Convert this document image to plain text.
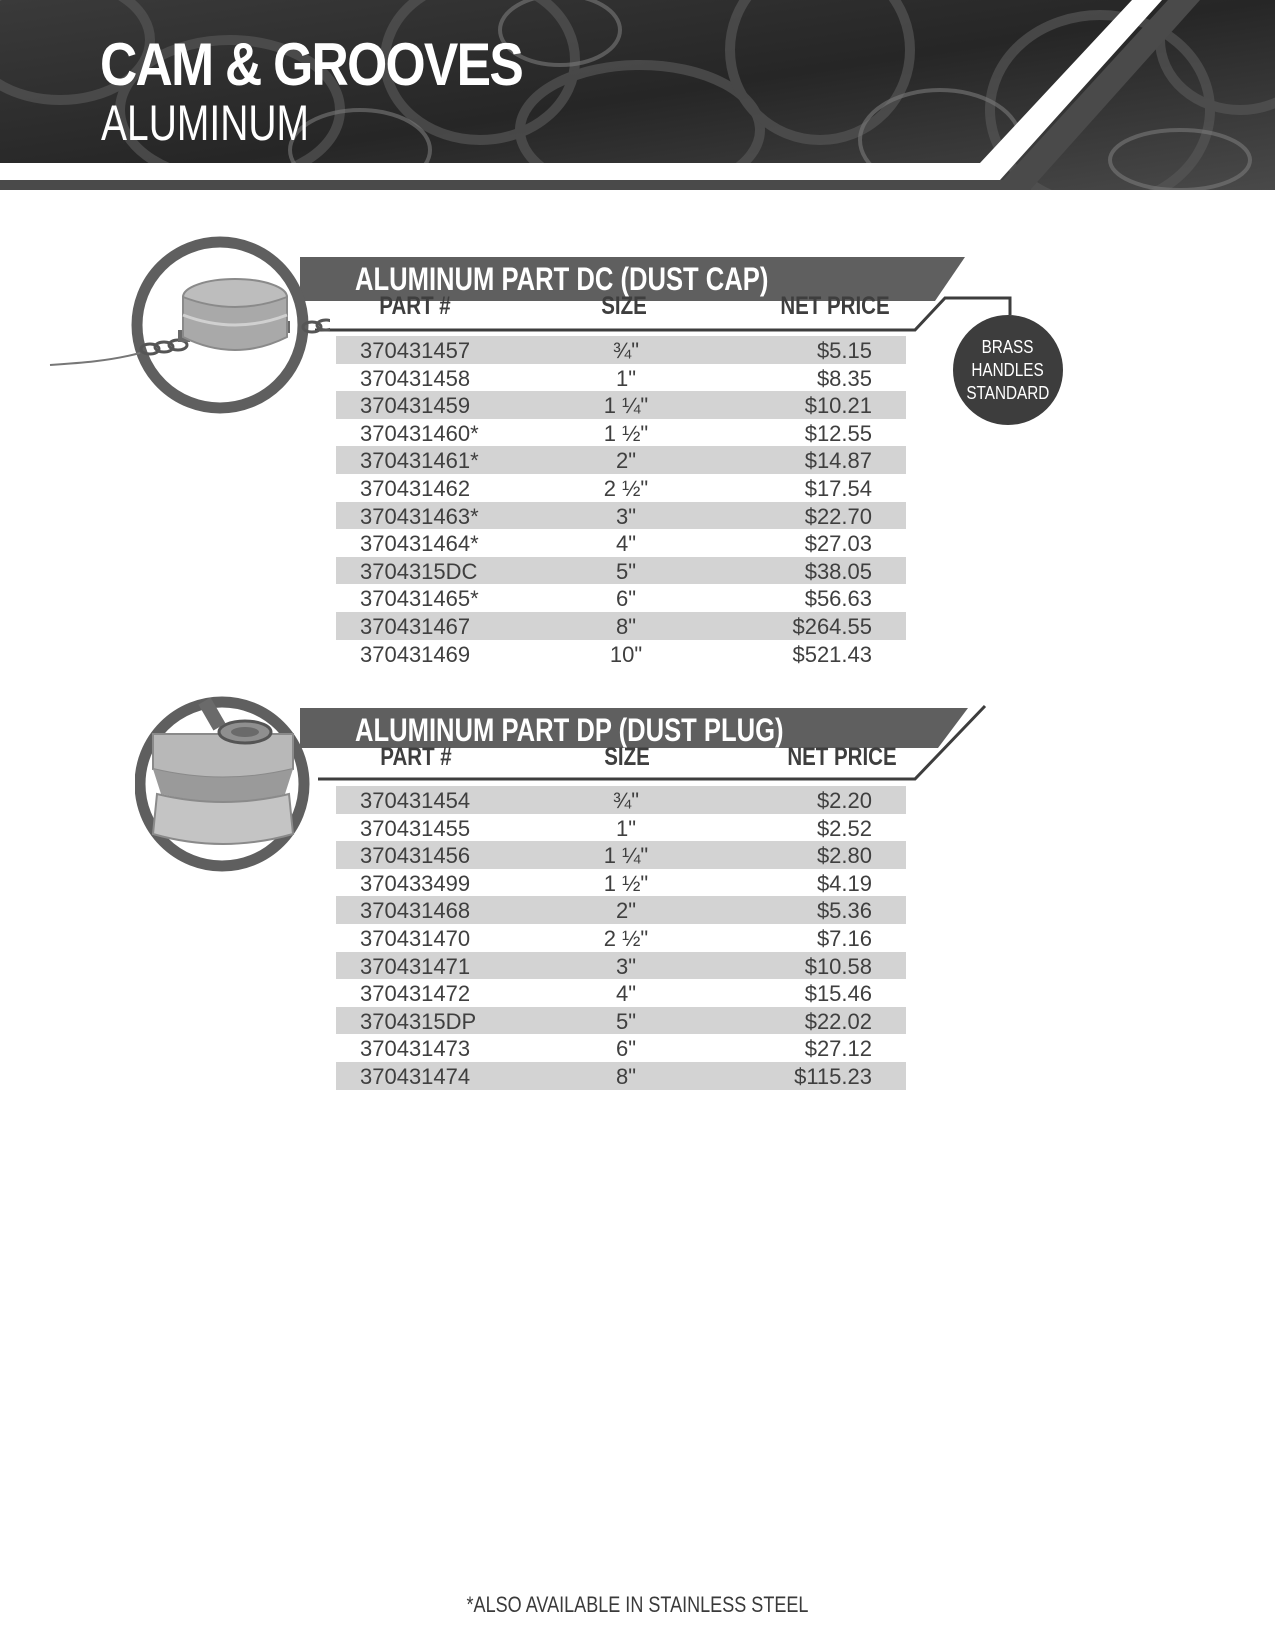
CAM & GROOVES
ALUMINUM
ALUMINUM PART DC (DUST CAP)
PART #	SIZE	NET PRICE
370431457	¾"	$5.15
370431458	1"	$8.35
370431459	1 ¼"	$10.21
370431460*	1 ½"	$12.55
370431461*	2"	$14.87
370431462	2 ½"	$17.54
370431463*	3"	$22.70
370431464*	4"	$27.03
3704315DC	5"	$38.05
370431465*	6"	$56.63
370431467	8"	$264.55
370431469	10"	$521.43
BRASS
HANDLES
STANDARD
ALUMINUM PART DP (DUST PLUG)
PART #	SIZE	NET PRICE
370431454	¾"	$2.20
370431455	1"	$2.52
370431456	1 ¼"	$2.80
370433499	1 ½"	$4.19
370431468	2"	$5.36
370431470	2 ½"	$7.16
370431471	3"	$10.58
370431472	4"	$15.46
3704315DP	5"	$22.02
370431473	6"	$27.12
370431474	8"	$115.23

*ALSO AVAILABLE IN STAINLESS STEEL
